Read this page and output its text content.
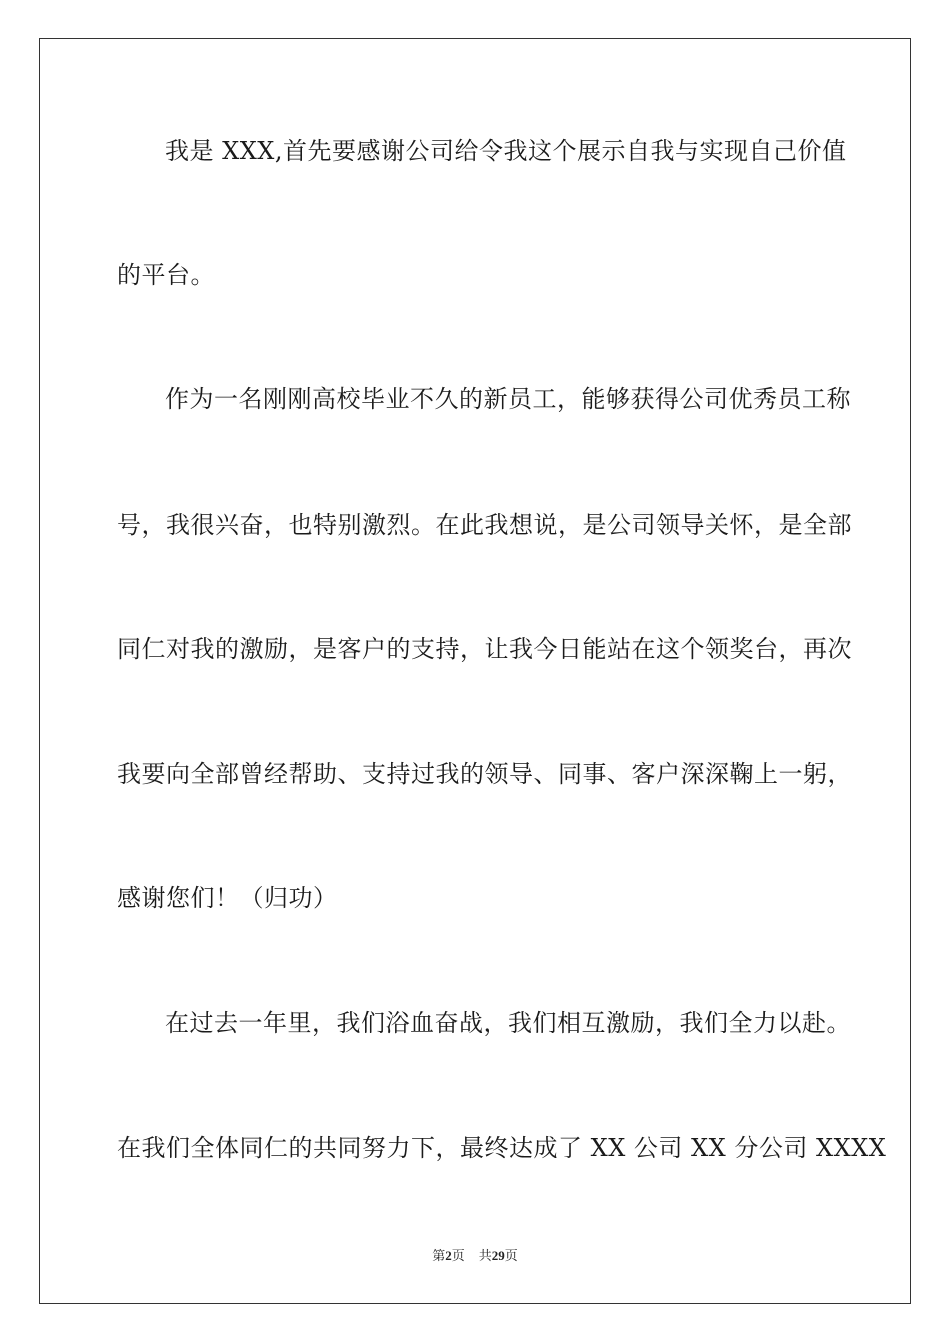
我是 XXX,首先要感谢公司给令我这个展示自我与实现自己价值
的平台。
作为一名刚刚高校毕业不久的新员工，能够获得公司优秀员工称
号，我很兴奋，也特别激烈。在此我想说，是公司领导关怀，是全部
同仁对我的激励，是客户的支持，让我今日能站在这个领奖台，再次
我要向全部曾经帮助、支持过我的领导、同事、客户深深鞠上一躬，
感谢您们！（归功）
在过去一年里，我们浴血奋战，我们相互激励，我们全力以赴。
在我们全体同仁的共同努力下，最终达成了 XX 公司 XX 分公司 XXXX
第2页 共29页
